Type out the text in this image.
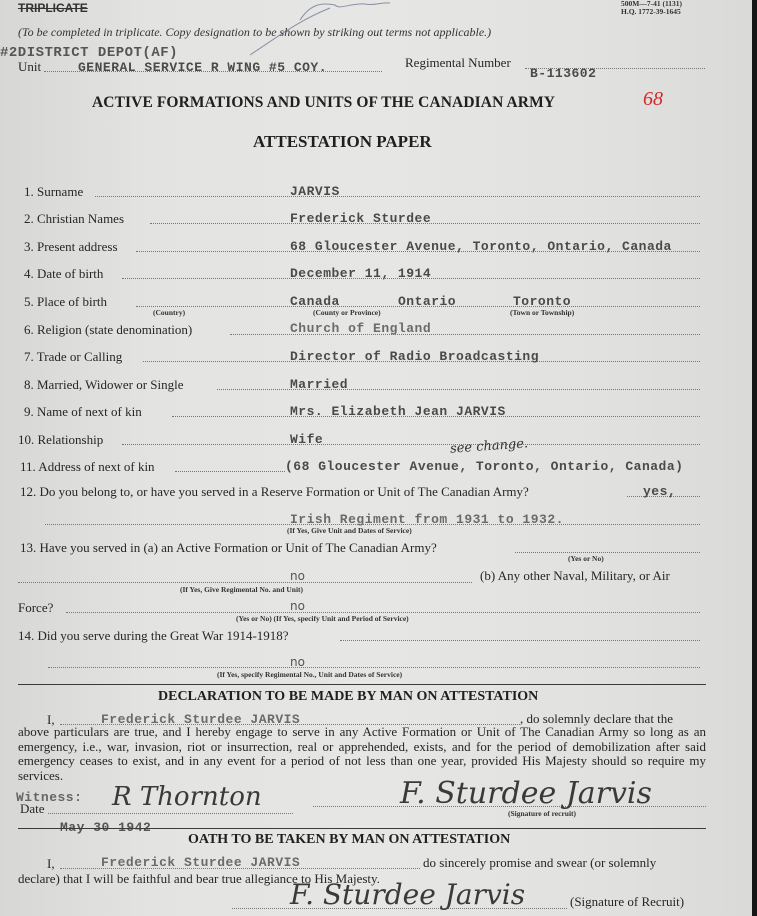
TRIPLICATE	500M—7-41 (1131)
H.Q. 1772-39-1645
(To be completed in triplicate. Copy designation to be shown by striking out terms not applicable.)
#2DISTRICT DEPOT(AF)
Unit	GENERAL SERVICE R WING #5 COY.	Regimental Number
B-113602
ACTIVE FORMATIONS AND UNITS OF THE CANADIAN ARMY	68
ATTESTATION PAPER
1. Surname	JARVIS
2. Christian Names	Frederick Sturdee
3. Present address	68 Gloucester Avenue, Toronto, Ontario, Canada
4. Date of birth	December 11, 1914
5. Place of birth	Canada	Ontario	Toronto
(Country)	(County or Province)	(Town or Township)
6. Religion (state denomination)	Church of England
7. Trade or Calling	Director of Radio Broadcasting
8. Married, Widower or Single	Married
9. Name of next of kin	Mrs. Elizabeth Jean JARVIS
10. Relationship	Wife	see change.
11. Address of next of kin	(68 Gloucester Avenue, Toronto, Ontario, Canada)
12. Do you belong to, or have you served in a Reserve Formation or Unit of The Canadian Army?	yes,
Irish Regiment from 1931 to 1932.
(If Yes, Give Unit and Dates of Service)
13. Have you served in (a) an Active Formation or Unit of The Canadian Army?
(Yes or No)
no
(If Yes, Give Regimental No. and Unit)
(b) Any other Naval, Military, or Air
Force?	no
(Yes or No) (If Yes, specify Unit and Period of Service)
14. Did you serve during the Great War 1914-1918?
no
(If Yes, specify Regimental No., Unit and Dates of Service)
DECLARATION TO BE MADE BY MAN ON ATTESTATION
I,	Frederick Sturdee JARVIS	, do solemnly declare that the
above particulars are true, and I hereby engage to serve in any Active Formation or Unit of The Canadian Army so long as an emergency, i.e., war, invasion, riot or insurrection, real or apprehended, exists, and for the period of demobilization after said emergency ceases to exist, and in any event for a period of not less than one year, provided His Majesty should so require my services.
Witness:
Date	R Thornton
May 30 1942
F. Sturdee Jarvis
(Signature of recruit)
OATH TO BE TAKEN BY MAN ON ATTESTATION
I,	Frederick Sturdee JARVIS	do sincerely promise and swear (or solemnly
declare) that I will be faithful and bear true allegiance to His Majesty.
F. Sturdee Jarvis	(Signature of Recruit)
